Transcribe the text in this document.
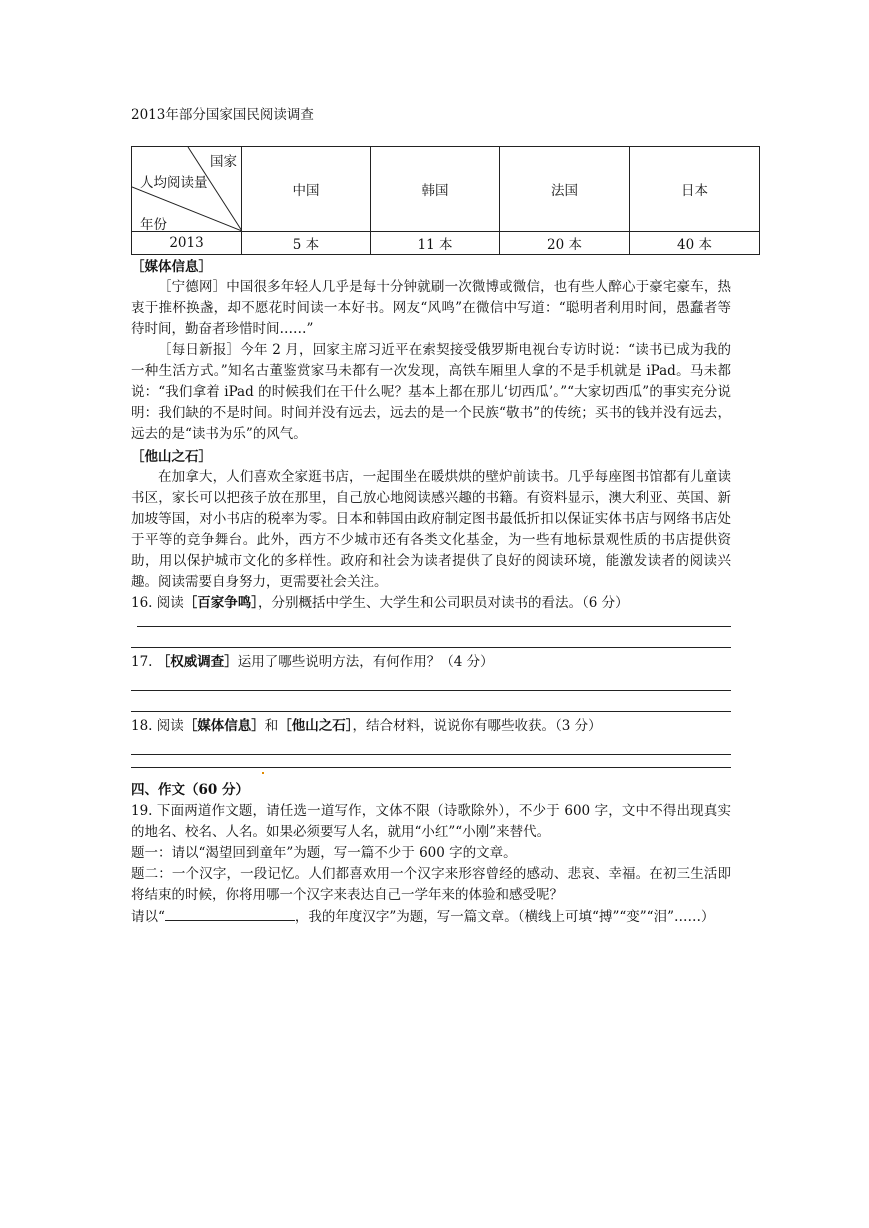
2013年部分国家国民阅读调查
国家
人均阅读量
年份	中国	韩国	法国	日本
2013	5 本	11 本	20 本	40 本
［媒体信息］

［宁德网］中国很多年轻人几乎是每十分钟就刷一次微博或微信，也有些人醉心于豪宅豪车，热衷于推杯换盏，却不愿花时间读一本好书。网友“风鸣”在微信中写道：“聪明者利用时间，愚蠢者等待时间，勤奋者珍惜时间……”

［每日新报］今年 2 月，回家主席习近平在索契接受俄罗斯电视台专访时说：“读书已成为我的一种生活方式。”知名古董鉴赏家马未都有一次发现，高铁车厢里人拿的不是手机就是 iPad。马未都说：“我们拿着 iPad 的时候我们在干什么呢？基本上都在那儿‘切西瓜’。”“大家切西瓜”的事实充分说明：我们缺的不是时间。时间并没有远去，远去的是一个民族“敬书”的传统；买书的钱并没有远去，远去的是“读书为乐”的风气。

［他山之石］

在加拿大，人们喜欢全家逛书店，一起围坐在暖烘烘的壁炉前读书。几乎每座图书馆都有儿童读书区，家长可以把孩子放在那里，自己放心地阅读感兴趣的书籍。有资料显示，澳大利亚、英国、新加坡等国，对小书店的税率为零。日本和韩国由政府制定图书最低折扣以保证实体书店与网络书店处于平等的竞争舞台。此外，西方不少城市还有各类文化基金，为一些有地标景观性质的书店提供资助，用以保护城市文化的多样性。政府和社会为读者提供了良好的阅读环境，能激发读者的阅读兴趣。阅读需要自身努力，更需要社会关注。

16. 阅读［百家争鸣］，分别概括中学生、大学生和公司职员对读书的看法。（6 分）
17. ［权威调查］运用了哪些说明方法，有何作用？（4 分）
18. 阅读［媒体信息］和［他山之石］，结合材料，说说你有哪些收获。（3 分）
四、作文（60 分）

19. 下面两道作文题，请任选一道写作，文体不限（诗歌除外），不少于 600 字，文中不得出现真实的地名、校名、人名。如果必须要写人名，就用“小红”“小刚”来替代。

题一：请以“渴望回到童年”为题，写一篇不少于 600 字的文章。

题二：一个汉字，一段记忆。人们都喜欢用一个汉字来形容曾经的感动、悲哀、幸福。在初三生活即将结束的时候，你将用哪一个汉字来表达自己一学年来的体验和感受呢？

请以“	，我的年度汉字”为题，写一篇文章。（横线上可填“搏”“变”“泪”……）
